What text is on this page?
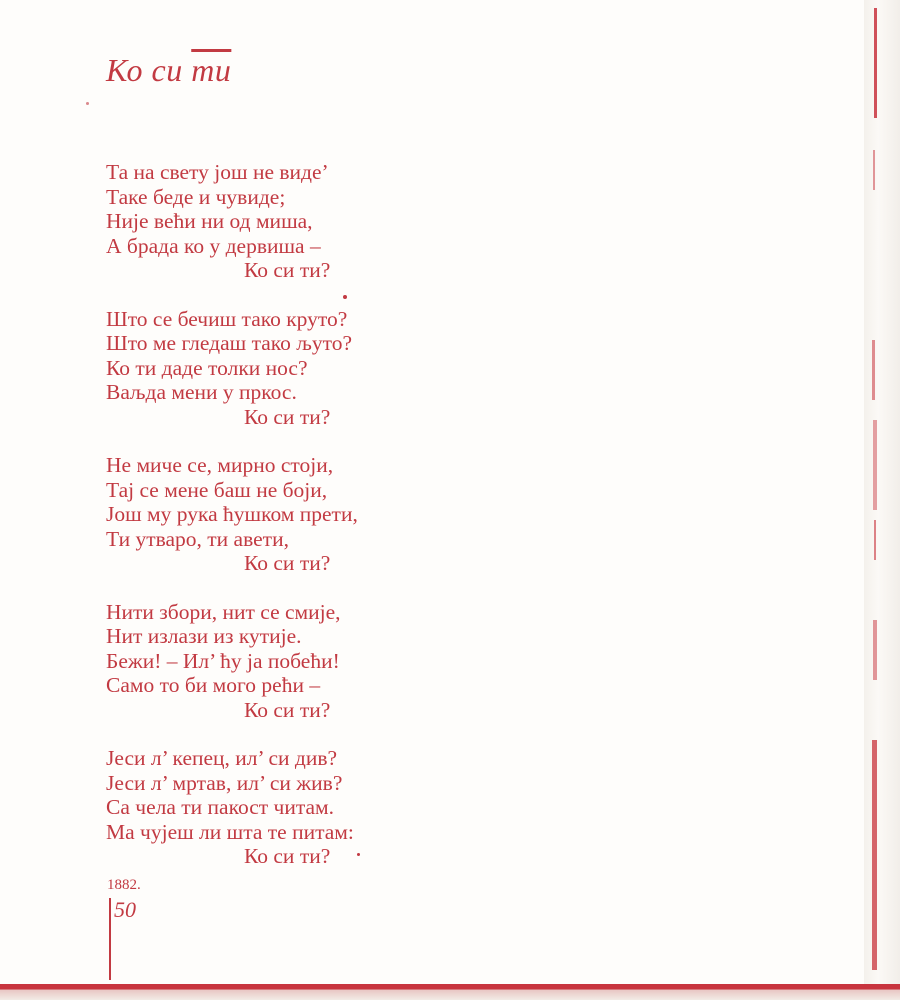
Ко си ти
Та на свету још не виде’
Таке беде и чувиде;
Није већи ни од миша,
А брада ко у дервиша –
Ко си ти?
Што се бечиш тако круто?
Што ме гледаш тако љуто?
Ко ти даде толки нос?
Ваљда мени у пркос.
Ко си ти?
Не миче се, мирно стоји,
Тај се мене баш не боји,
Још му рука ћушком прети,
Ти утваро, ти авети,
Ко си ти?
Нити збори, нит се смије,
Нит излази из кутије.
Бежи! – Ил’ ћу ја побећи!
Само то би мого рећи –
Ко си ти?
Јеси л’ кепец, ил’ си див?
Јеси л’ мртав, ил’ си жив?
Са чела ти пакост читам.
Ма чујеш ли шта те питам:
Ко си ти?
1882.
50
